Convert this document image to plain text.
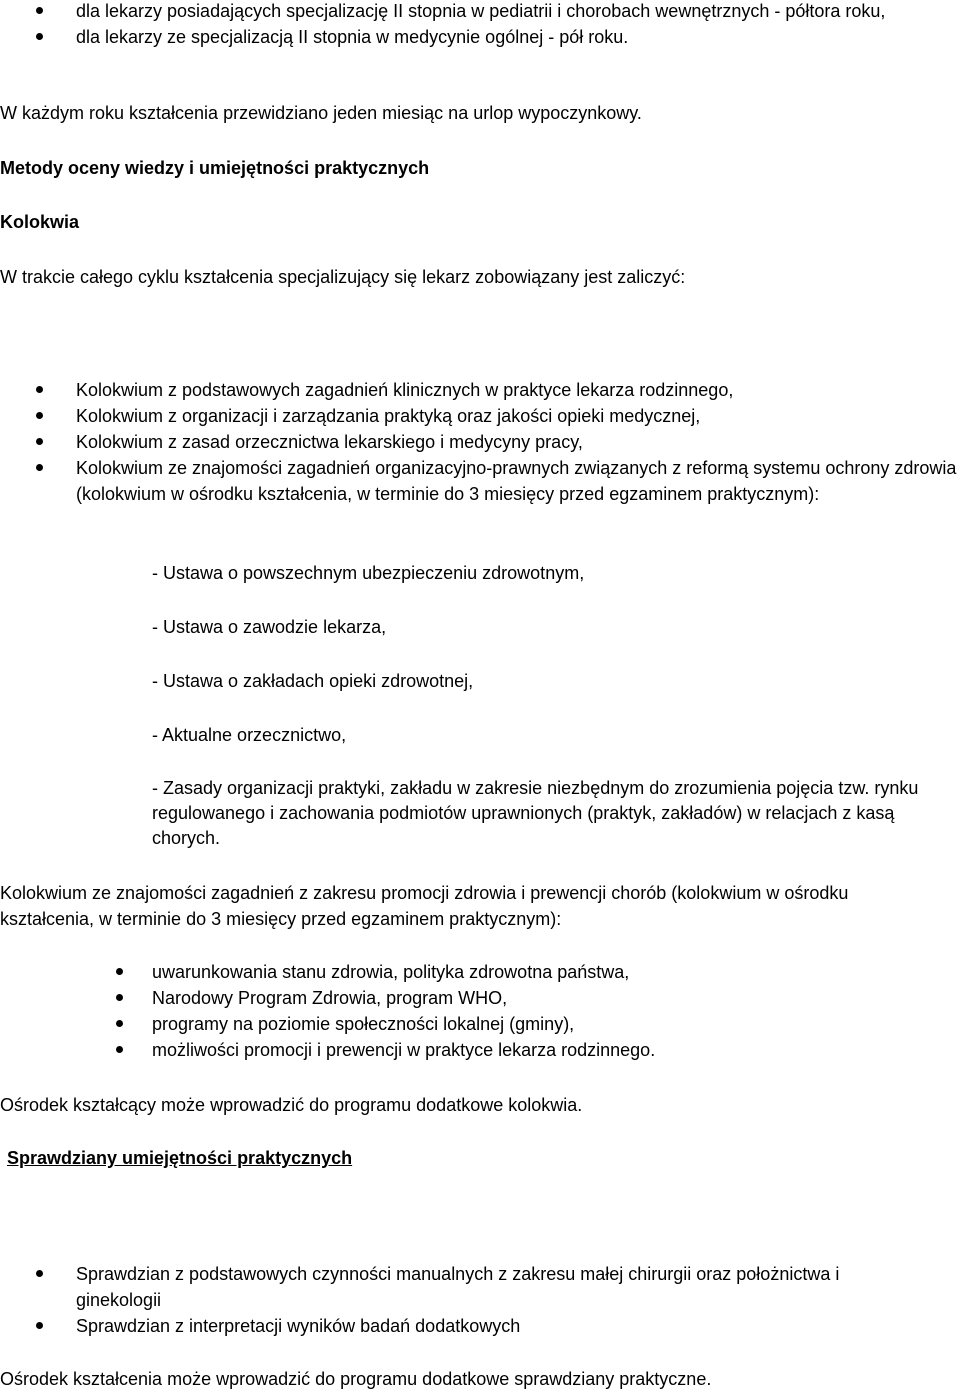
dla lekarzy posiadających specjalizację II stopnia w pediatrii i chorobach wewnętrznych - półtora roku,
dla lekarzy ze specjalizacją II stopnia w medycynie ogólnej - pół roku.

W każdym roku kształcenia przewidziano jeden miesiąc na urlop wypoczynkowy.

Metody oceny wiedzy i umiejętności praktycznych

Kolokwia

W trakcie całego cyklu kształcenia specjalizujący się lekarz zobowiązany jest zaliczyć:

Kolokwium z podstawowych zagadnień klinicznych w praktyce lekarza rodzinnego,
Kolokwium z organizacji i zarządzania praktyką oraz jakości opieki medycznej,
Kolokwium z zasad orzecznictwa lekarskiego i medycyny pracy,
Kolokwium ze znajomości zagadnień organizacyjno-prawnych związanych z reformą systemu ochrony zdrowia (kolokwium w ośrodku kształcenia, w terminie do 3 miesięcy przed egzaminem praktycznym):

- Ustawa o powszechnym ubezpieczeniu zdrowotnym,

- Ustawa o zawodzie lekarza,

- Ustawa o zakładach opieki zdrowotnej,

- Aktualne orzecznictwo,

- Zasady organizacji praktyki, zakładu w zakresie niezbędnym do zrozumienia pojęcia tzw. rynku regulowanego i zachowania podmiotów uprawnionych (praktyk, zakładów) w relacjach z kasą chorych.

Kolokwium ze znajomości zagadnień z zakresu promocji zdrowia i prewencji chorób (kolokwium w ośrodku kształcenia, w terminie do 3 miesięcy przed egzaminem praktycznym):

uwarunkowania stanu zdrowia, polityka zdrowotna państwa,
Narodowy Program Zdrowia, program WHO,
programy na poziomie społeczności lokalnej (gminy),
możliwości promocji i prewencji w praktyce lekarza rodzinnego.

Ośrodek kształcący może wprowadzić do programu dodatkowe kolokwia.

Sprawdziany umiejętności praktycznych

Sprawdzian z podstawowych czynności manualnych z zakresu małej chirurgii oraz położnictwa i ginekologii
Sprawdzian z interpretacji wyników badań dodatkowych

Ośrodek kształcenia może wprowadzić do programu dodatkowe sprawdziany praktyczne.
